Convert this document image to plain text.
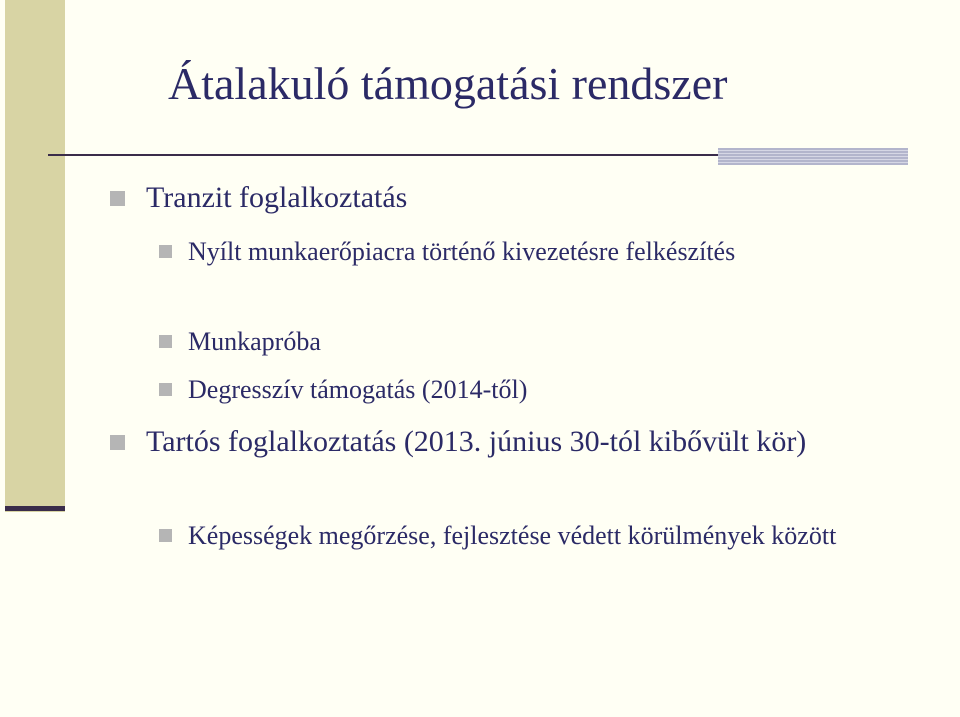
Átalakuló támogatási rendszer
Tranzit foglalkoztatás
Nyílt munkaerőpiacra történő kivezetésre felkészítés
Munkapróba
Degresszív támogatás (2014-től)
Tartós foglalkoztatás (2013. június 30-tól kibővült kör)
Képességek megőrzése, fejlesztése védett körülmények között
